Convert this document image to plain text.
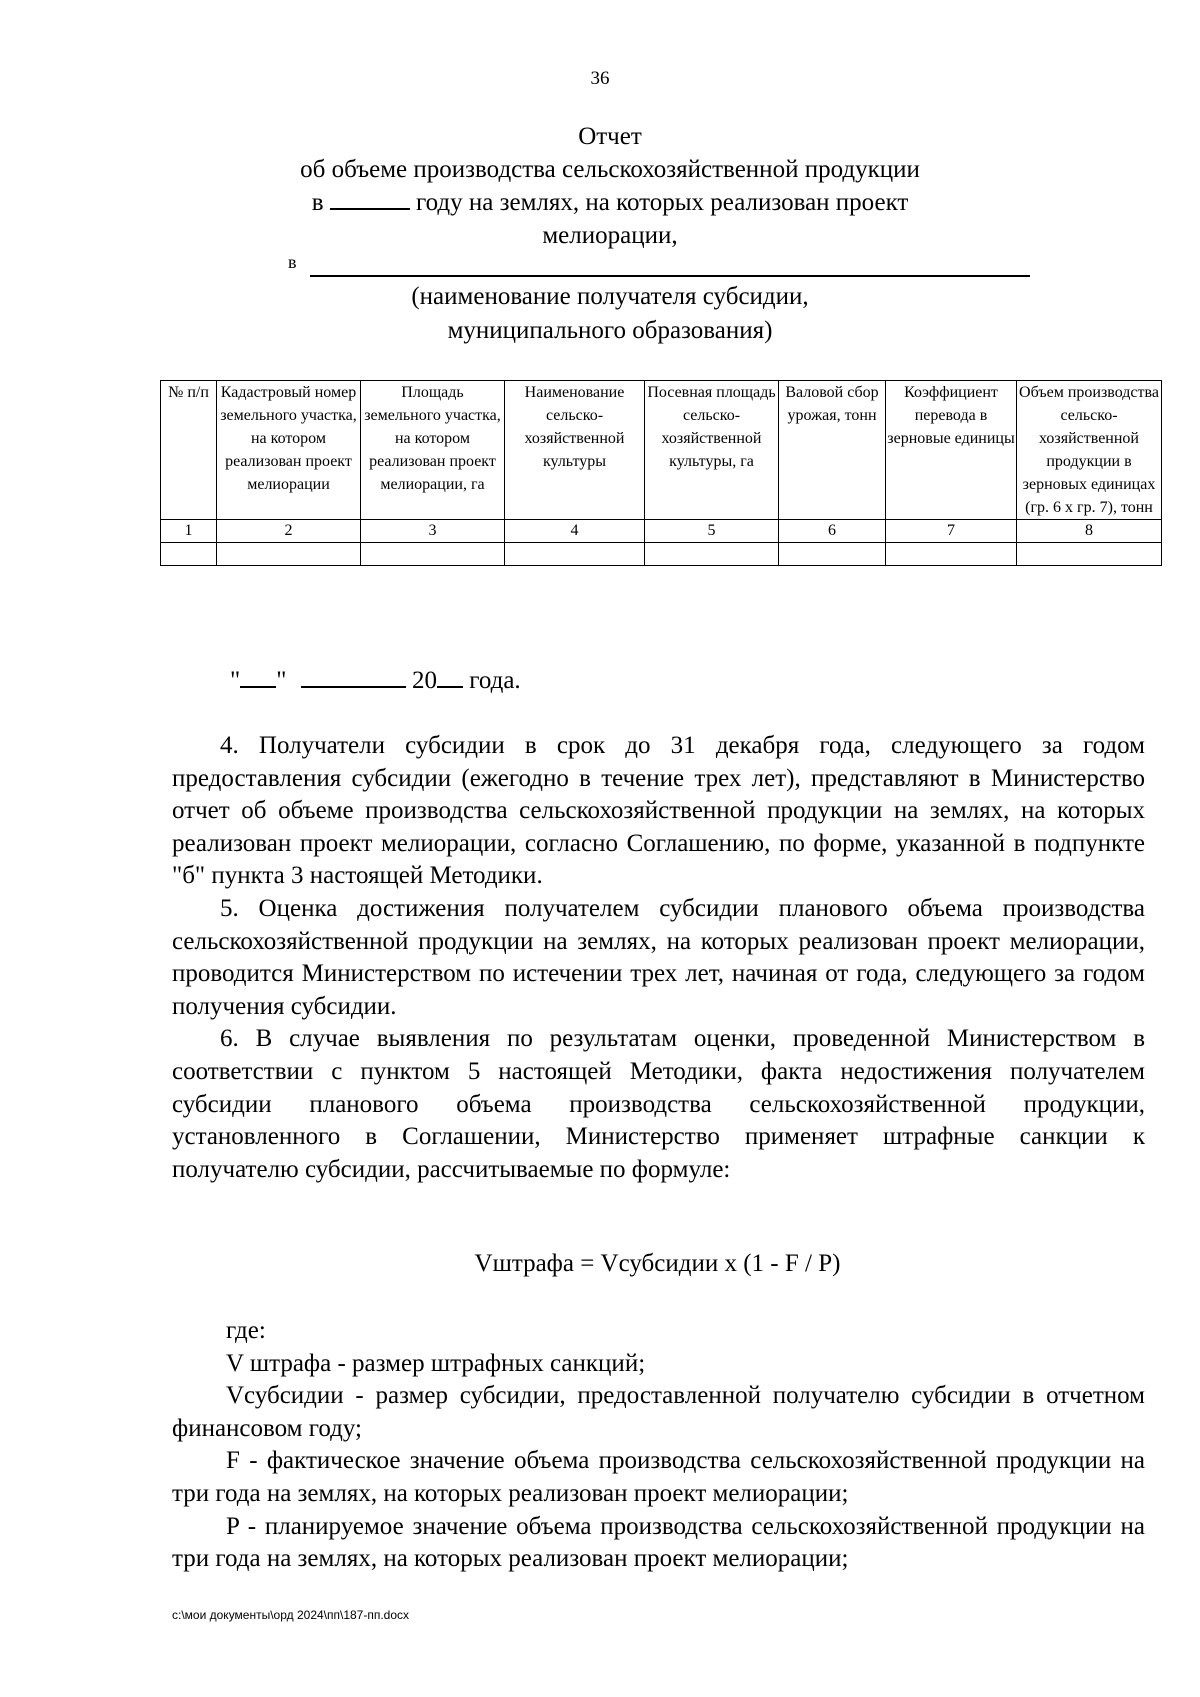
36
Отчет
об объеме производства сельскохозяйственной продукции
в	году на землях, на которых реализован проект
мелиорации,
в
(наименование получателя субсидии,
муниципального образования)
№ п/п	Кадастровый номер земельного участка, на котором реализован проект мелиорации	Площадь земельного участка, на котором реализован проект мелиорации, га	Наименование сельско-хозяйственной культуры	Посевная площадь сельско-хозяйственной культуры, га	Валовой сбор урожая, тонн	Коэффициент перевода в зерновые единицы	Объем производства сельско-хозяйственной продукции в зерновых единицах (гр. 6 х гр. 7), тонн
1	2	3	4	5	6	7	8

" "	20 года.

4. Получатели субсидии в срок до 31 декабря года, следующего за годом предоставления субсидии (ежегодно в течение трех лет), представляют в Министерство отчет об объеме производства сельскохозяйственной продукции на землях, на которых реализован проект мелиорации, согласно Соглашению, по форме, указанной в подпункте "б" пункта 3 настоящей Методики.

5. Оценка достижения получателем субсидии планового объема производства сельскохозяйственной продукции на землях, на которых реализован проект мелиорации, проводится Министерством по истечении трех лет, начиная от года, следующего за годом получения субсидии.

6. В случае выявления по результатам оценки, проведенной Министерством в соответствии с пунктом 5 настоящей Методики, факта недостижения получателем субсидии планового объема производства сельскохозяйственной продукции, установленного в Соглашении, Министерство применяет штрафные санкции к получателю субсидии, рассчитываемые по формуле:

Vштрафа = Vсубсидии х (1 - F / P)

где:

V штрафа - размер штрафных санкций;

Vсубсидии - размер субсидии, предоставленной получателю субсидии в отчетном финансовом году;

F - фактическое значение объема производства сельскохозяйственной продукции на три года на землях, на которых реализован проект мелиорации;

P - планируемое значение объема производства сельскохозяйственной продукции на три года на землях, на которых реализован проект мелиорации;

c:\мои документы\орд 2024\пп\187-пп.docx
